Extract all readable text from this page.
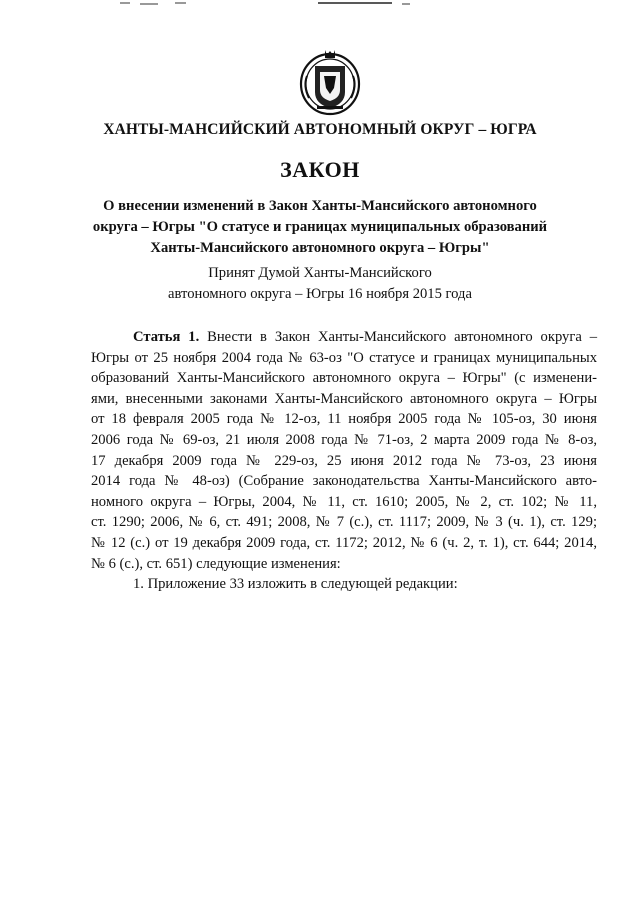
ХАНТЫ-МАНСИЙСКИЙ АВТОНОМНЫЙ ОКРУГ – ЮГРА
ЗАКОН
О внесении изменений в Закон Ханты-Мансийского автономного
округа – Югры "О статусе и границах муниципальных образований
Ханты-Мансийского автономного округа – Югры"
Принят Думой Ханты-Мансийского
автономного округа – Югры 16 ноября 2015 года
Статья 1. Внести в Закон Ханты-Мансийского автономного округа –
Югры от 25 ноября 2004 года № 63-оз "О статусе и границах муниципальных
образований Ханты-Мансийского автономного округа – Югры" (с изменени-
ями, внесенными законами Ханты-Мансийского автономного округа – Югры
от 18 февраля 2005 года № 12-оз, 11 ноября 2005 года № 105-оз, 30 июня
2006 года № 69-оз, 21 июля 2008 года № 71-оз, 2 марта 2009 года № 8-оз,
17 декабря 2009 года № 229-оз, 25 июня 2012 года № 73-оз, 23 июня
2014 года № 48-оз) (Собрание законодательства Ханты-Мансийского авто-
номного округа – Югры, 2004, № 11, ст. 1610; 2005, № 2, ст. 102; № 11,
ст. 1290; 2006, № 6, ст. 491; 2008, № 7 (с.), ст. 1117; 2009, № 3 (ч. 1), ст. 129;
№ 12 (с.) от 19 декабря 2009 года, ст. 1172; 2012, № 6 (ч. 2, т. 1), ст. 644; 2014,
№ 6 (с.), ст. 651) следующие изменения:
1. Приложение 33 изложить в следующей редакции:
